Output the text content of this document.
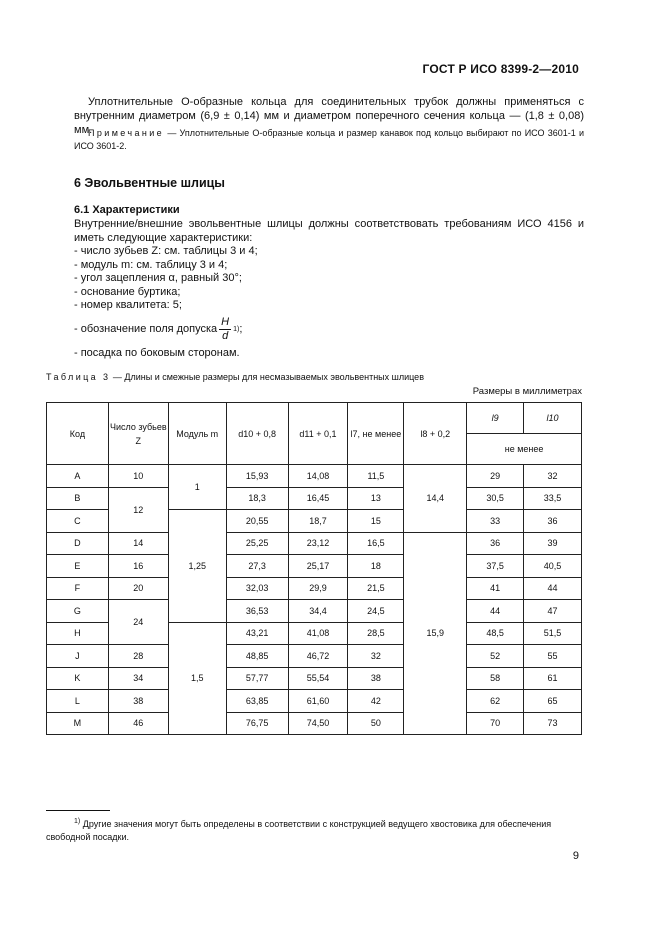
ГОСТ Р ИСО 8399-2—2010
Уплотнительные О-образные кольца для соединительных трубок должны применяться с внутренним диаметром (6,9 ± 0,14) мм и диаметром поперечного сечения кольца — (1,8 ± 0,08) мм.
Примечание — Уплотнительные О-образные кольца и размер канавок под кольцо выбирают по ИСО 3601-1 и ИСО 3601-2.
6 Эвольвентные шлицы
6.1 Характеристики
Внутренние/внешние эвольвентные шлицы должны соответствовать требованиям ИСО 4156 и иметь следующие характеристики:
- число зубьев Z: см. таблицы 3 и 4;
- модуль m: см. таблицу 3 и 4;
- угол зацепления α, равный 30°;
- основание буртика;
- номер квалитета: 5;
- обозначение поля допуска $\frac{H}{d} 1$) ;
- посадка по боковым сторонам.
Таблица 3 — Длины и смежные размеры для несмазываемых эвольвентных шлицев
Размеры в миллиметрах
Код	Число зубьев Z	Модуль m	d10 + 0,8	d11 + 0,1	l7, не менее	l8 + 0,2	l9	l10
							не менее	
A	10	1	15,93	14,08	11,5	14,4	29	32
B	12		18,3	16,45	13		30,5	33,5
C		1,25	20,55	18,7	15		33	36
D	14		25,25	23,12	16,5	15,9	36	39
E	16		27,3	25,17	18		37,5	40,5
F	20		32,03	29,9	21,5		41	44
G	24		36,53	34,4	24,5		44	47
H		1,5	43,21	41,08	28,5		48,5	51,5
J	28		48,85	46,72	32		52	55
K	34		57,77	55,54	38		58	61
L	38		63,85	61,60	42		62	65
M	46		76,75	74,50	50		70	73
$^{1)}$ Другие значения могут быть определены в соответствии с конструкцией ведущего хвостовика для обеспечения свободной посадки.
9
